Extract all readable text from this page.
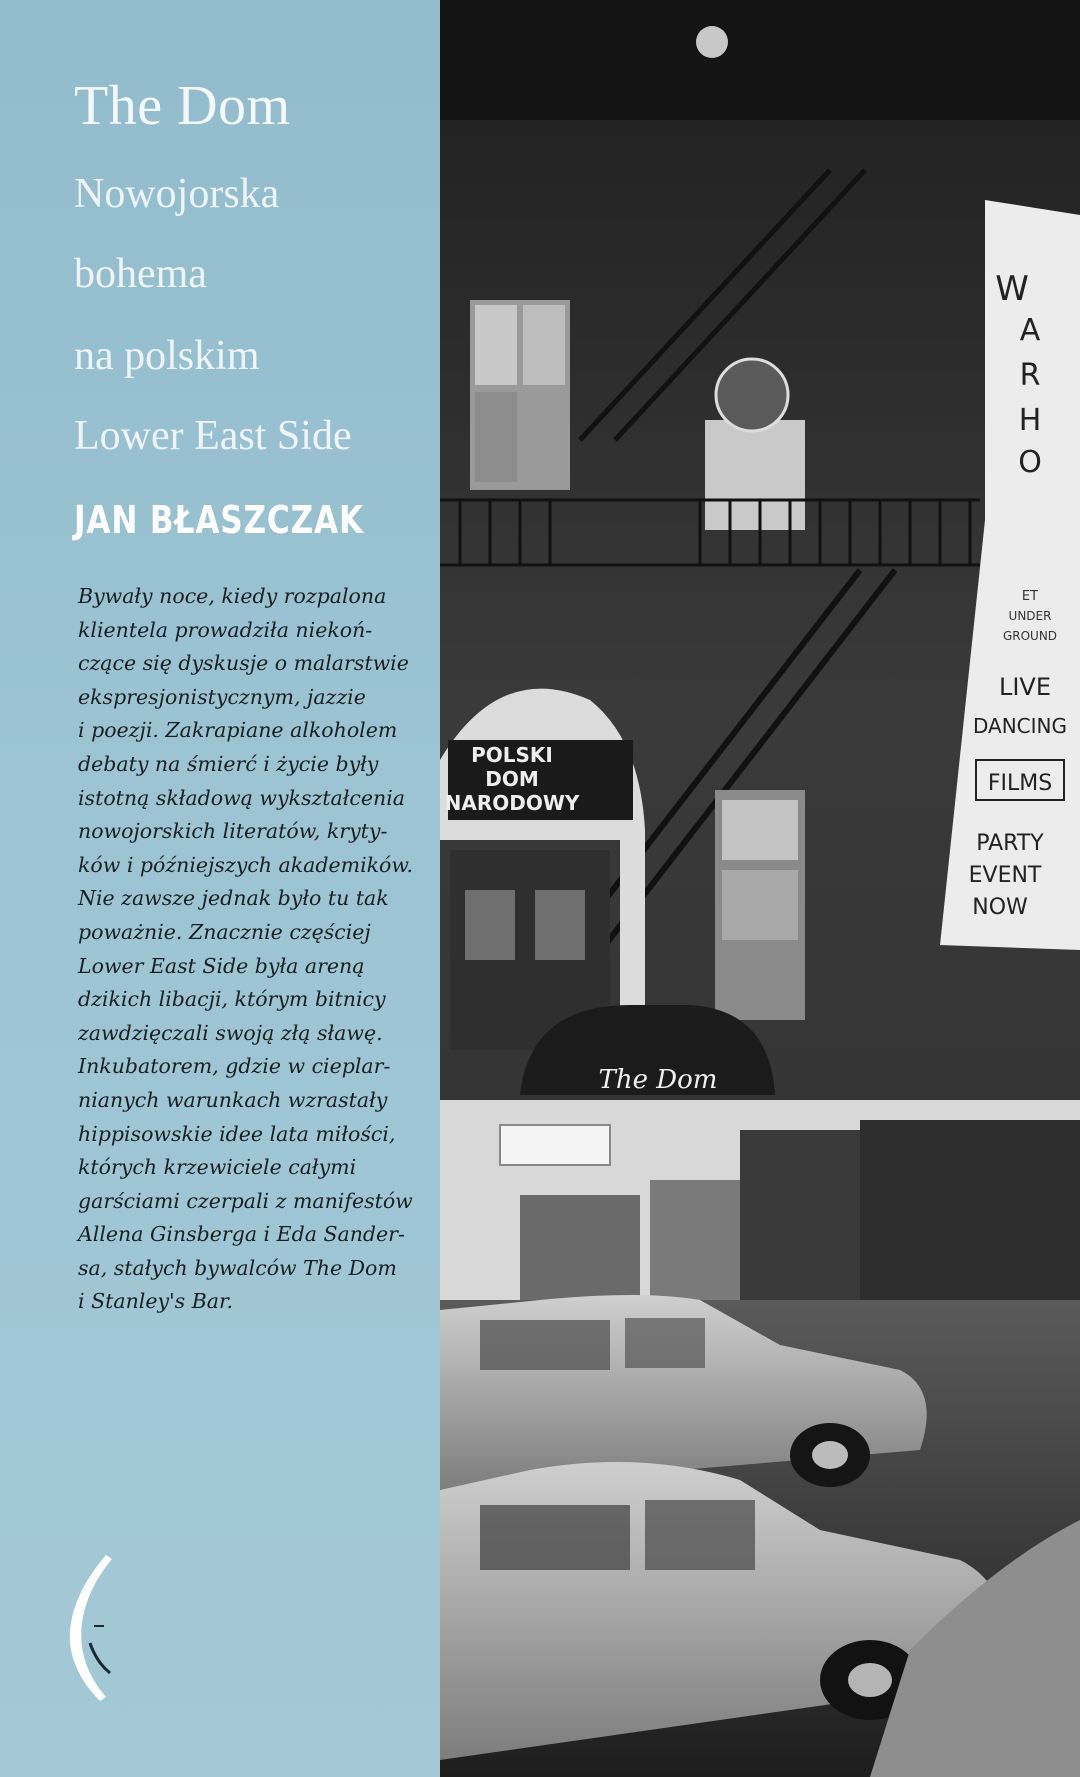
The Dom
Nowojorska
bohema
na polskim
Lower East Side
JAN BŁASZCZAK
Bywały noce, kiedy rozpalona
klientela prowadziła niekoń-
czące się dyskusje o malarstwie
ekspresjonistycznym, jazzie
i poezji. Zakrapiane alkoholem
debaty na śmierć i życie były
istotną składową wykształcenia
nowojorskich literatów, kryty-
ków i późniejszych akademików.
Nie zawsze jednak było tu tak
poważnie. Znacznie częściej
Lower East Side była areną
dzikich libacji, którym bitnicy
zawdzięczali swoją złą sławę.
Inkubatorem, gdzie w cieplar-
nianych warunkach wzrastały
hippisowskie idee lata miłości,
których krzewiciele całymi
garściami czerpali z manifestów
Allena Ginsberga i Eda Sander-
sa, stałych bywalców The Dom
i Stanley's Bar.
POLSKI
DOM
NARODOWY
W
A
R
H
O
ET
UNDER
GROUND
LIVE
DANCING
FILMS
PARTY
EVENT
NOW
The Dom
